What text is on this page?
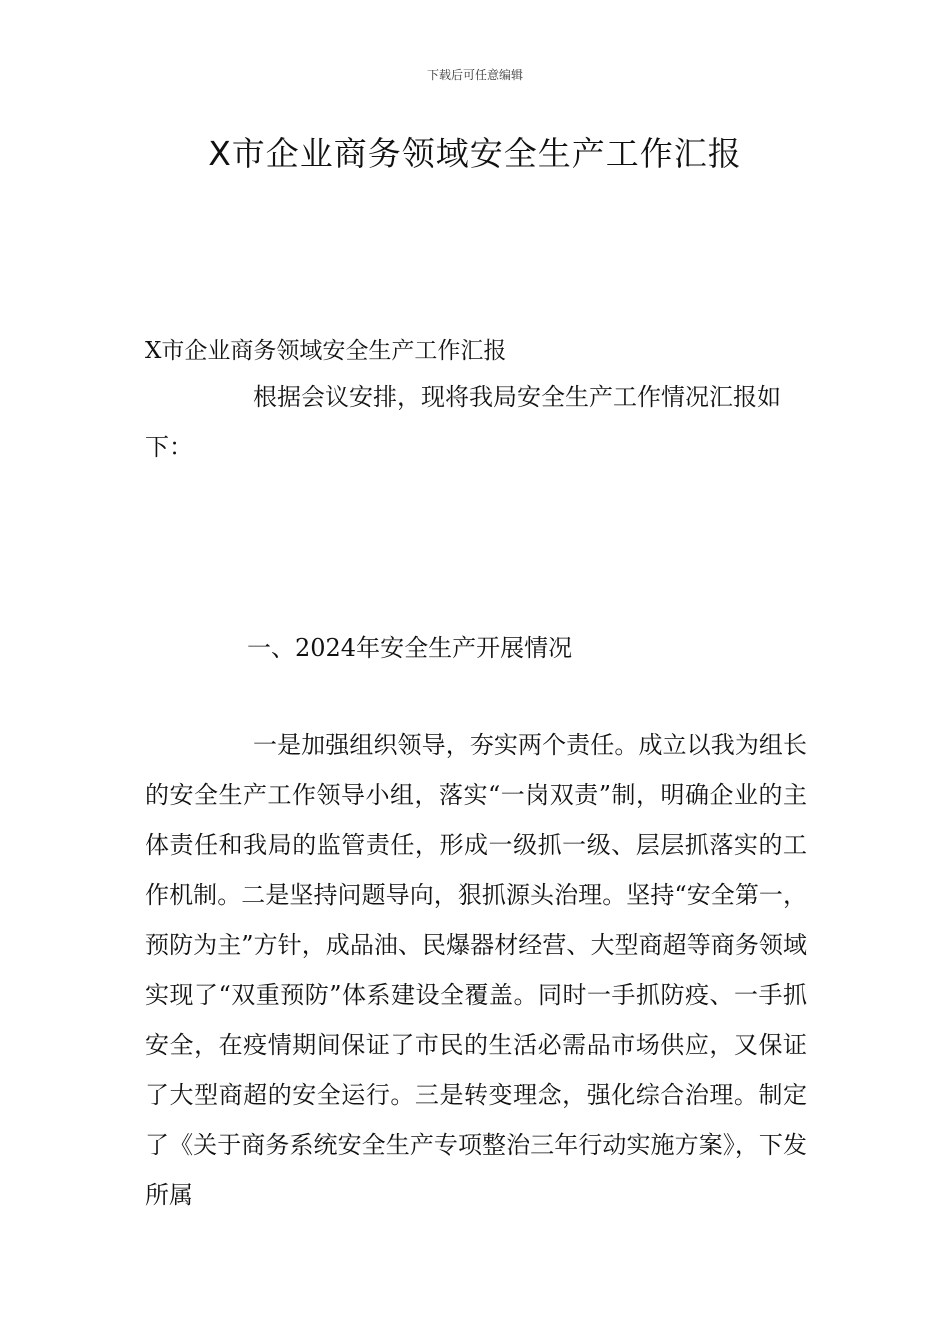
下载后可任意编辑
X市企业商务领域安全生产工作汇报

X市企业商务领域安全生产工作汇报

根据会议安排，现将我局安全生产工作情况汇报如下：

一、2024年安全生产开展情况

一是加强组织领导，夯实两个责任。成立以我为组长的安全生产工作领导小组，落实“一岗双责”制，明确企业的主体责任和我局的监管责任，形成一级抓一级、层层抓落实的工作机制。二是坚持问题导向，狠抓源头治理。坚持“安全第一，预防为主”方针，成品油、民爆器材经营、大型商超等商务领域实现了“双重预防”体系建设全覆盖。同时一手抓防疫、一手抓安全，在疫情期间保证了市民的生活必需品市场供应，又保证了大型商超的安全运行。三是转变理念，强化综合治理。制定了《关于商务系统安全生产专项整治三年行动实施方案》，下发所属
